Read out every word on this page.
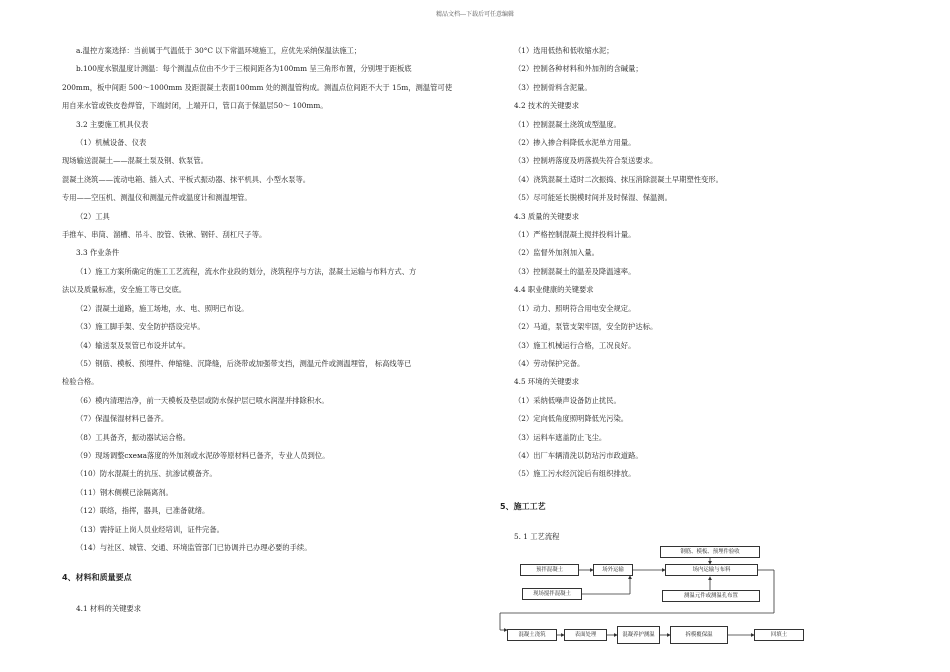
精品文档---下载后可任意编辑

a.温控方案选择：当前属于气温低于 30°C 以下常温环境施工，应优先采纳保温法施工；

b.100度水银温度计测温：每个测温点位由不少于三根间距各为100mm 呈三角形布置，分别埋于距板底

200mm，板中间距 500～1000mm 及距混凝土表面100mm 处的测温管构成。测温点位间距不大于 15m，测温管可使

用自来水管或铁皮卷焊管，下端封闭，上端开口，管口高于保温层50～ 100mm。

3.2 主要施工机具仪表

（1）机械设备、仪表

现场输送混凝土——混凝土泵及钢、软泵管。

混凝土浇筑——流动电箱、插入式、平板式振动器、抹平机具、小型水泵等。

专用——空压机、测温仪和测温元件或温度计和测温埋管。

（2）工具

手推车、串筒、溜槽、吊斗、胶管、铁锹、钢钎、刮杠尺子等。

3.3 作业条件

（1）施工方案所确定的施工工艺流程，流水作业段的划分，浇筑程序与方法，混凝土运输与布料方式、方

法以及质量标准，安全施工等已交底。

（2）混凝土道路，施工场地，水、电、照明已布设。

（3）施工脚手架、安全防护搭设完毕。

（4）输送泵及泵管已布设并试车。

（5）钢筋、模板、预埋件、伸缩缝、沉降缝，后浇带或加强带支挡，测温元件或测温埋管， 标高线等已

检验合格。

（6）模内清理洁净，前一天模板及垫层或防水保护层已喷水润湿并排除积水。

（7）保温保湿材料已备齐。

（8）工具备齐，振动器试运合格。

（9）现场调整схема落度的外加剂或水泥砂等原材料已备齐，专业人员到位。

（10）防水混凝土的抗压、抗渗试模备齐。

（11）钢木侧模已涂隔离剂。

（12）联络，指挥，器具，已准备就绪。

（13）需持证上岗人员业经培训，证件完备。

（14）与社区、城管、交通、环境监管部门已协调并已办理必要的手续。

4、材料和质量要点

4.1 材料的关键要求

（1）选用低热和低收缩水泥；

（2）控制各种材料和外加剂的含碱量；

（3）控制骨料含泥量。

4.2 技术的关键要求

（1）控制混凝土浇筑成型温度。

（2）掺入掺合料降低水泥单方用量。

（3）控制坍落度及坍落损失符合泵送要求。

（4）浇筑混凝土适时二次振捣、抹压消除混凝土早期塑性变形。

（5）尽可能延长脱模时间并及时保湿、保温测。

4.3 质量的关键要求

（1）严格控制混凝土搅拌投料计量。

（2）监督外加剂加入量。

（3）控制混凝土的温差及降温速率。

4.4 职业健康的关键要求

（1）动力、照明符合用电安全规定。

（2）马道，泵管支架牢固，安全防护达标。

（3）施工机械运行合格，工况良好。

（4）劳动保护完备。

4.5 环境的关键要求

（1）采纳低噪声设备防止扰民。

（2）定向低角度照明降低光污染。

（3）运料车遮盖防止飞尘。

（4）出厂车辆清洗以防玷污市政道路。

（5）施工污水经沉淀后有组织排放。

5、施工工艺

5. 1 工艺流程

钢筋、模板、预埋件验收
预拌混凝土	场外运输	场内运输与布料
现场搅拌混凝土	测温元件或测温孔布置
混凝土浇筑	表面处理	混凝养护测温	拆模覆保温	回填土
